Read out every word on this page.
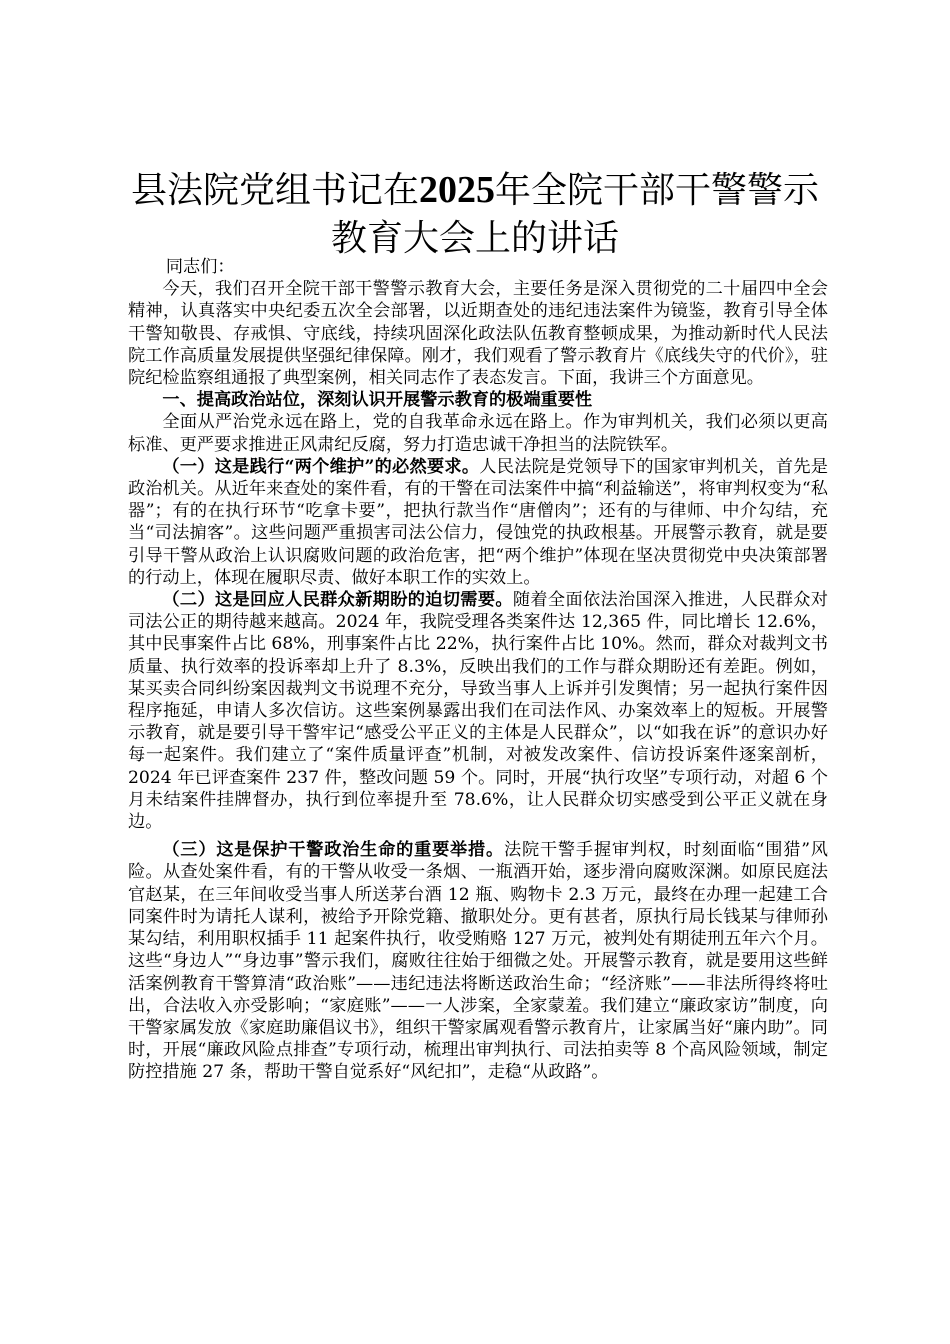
县法院党组书记在2025年全院干部干警警示
教育大会上的讲话

同志们：

今天，我们召开全院干部干警警示教育大会，主要任务是深入贯彻党的二十届四中全会精神，认真落实中央纪委五次全会部署，以近期查处的违纪违法案件为镜鉴，教育引导全体干警知敬畏、存戒惧、守底线，持续巩固深化政法队伍教育整顿成果，为推动新时代人民法院工作高质量发展提供坚强纪律保障。刚才，我们观看了警示教育片《底线失守的代价》，驻院纪检监察组通报了典型案例，相关同志作了表态发言。下面，我讲三个方面意见。

一、提高政治站位，深刻认识开展警示教育的极端重要性

全面从严治党永远在路上，党的自我革命永远在路上。作为审判机关，我们必须以更高标准、更严要求推进正风肃纪反腐，努力打造忠诚干净担当的法院铁军。

（一）这是践行“两个维护”的必然要求。人民法院是党领导下的国家审判机关，首先是政治机关。从近年来查处的案件看，有的干警在司法案件中搞“利益输送”，将审判权变为“私器”；有的在执行环节“吃拿卡要”，把执行款当作“唐僧肉”；还有的与律师、中介勾结，充当“司法掮客”。这些问题严重损害司法公信力，侵蚀党的执政根基。开展警示教育，就是要引导干警从政治上认识腐败问题的政治危害，把“两个维护”体现在坚决贯彻党中央决策部署的行动上，体现在履职尽责、做好本职工作的实效上。

（二）这是回应人民群众新期盼的迫切需要。随着全面依法治国深入推进，人民群众对司法公正的期待越来越高。2024 年，我院受理各类案件达 12,365 件，同比增长 12.6%，其中民事案件占比 68%，刑事案件占比 22%，执行案件占比 10%。然而，群众对裁判文书质量、执行效率的投诉率却上升了 8.3%，反映出我们的工作与群众期盼还有差距。例如，某买卖合同纠纷案因裁判文书说理不充分，导致当事人上诉并引发舆情；另一起执行案件因程序拖延，申请人多次信访。这些案例暴露出我们在司法作风、办案效率上的短板。开展警示教育，就是要引导干警牢记“感受公平正义的主体是人民群众”，以“如我在诉”的意识办好每一起案件。我们建立了“案件质量评查”机制，对被发改案件、信访投诉案件逐案剖析，2024 年已评查案件 237 件，整改问题 59 个。同时，开展“执行攻坚”专项行动，对超 6 个月未结案件挂牌督办，执行到位率提升至 78.6%，让人民群众切实感受到公平正义就在身边。

（三）这是保护干警政治生命的重要举措。法院干警手握审判权，时刻面临“围猎”风险。从查处案件看，有的干警从收受一条烟、一瓶酒开始，逐步滑向腐败深渊。如原民庭法官赵某，在三年间收受当事人所送茅台酒 12 瓶、购物卡 2.3 万元，最终在办理一起建工合同案件时为请托人谋利，被给予开除党籍、撤职处分。更有甚者，原执行局长钱某与律师孙某勾结，利用职权插手 11 起案件执行，收受贿赂 127 万元，被判处有期徒刑五年六个月。这些“身边人”“身边事”警示我们，腐败往往始于细微之处。开展警示教育，就是要用这些鲜活案例教育干警算清“政治账”——违纪违法将断送政治生命；“经济账”——非法所得终将吐出，合法收入亦受影响；“家庭账”——一人涉案，全家蒙羞。我们建立“廉政家访”制度，向干警家属发放《家庭助廉倡议书》，组织干警家属观看警示教育片，让家属当好“廉内助”。同时，开展“廉政风险点排查”专项行动，梳理出审判执行、司法拍卖等 8 个高风险领域，制定防控措施 27 条，帮助干警自觉系好“风纪扣”，走稳“从政路”。
